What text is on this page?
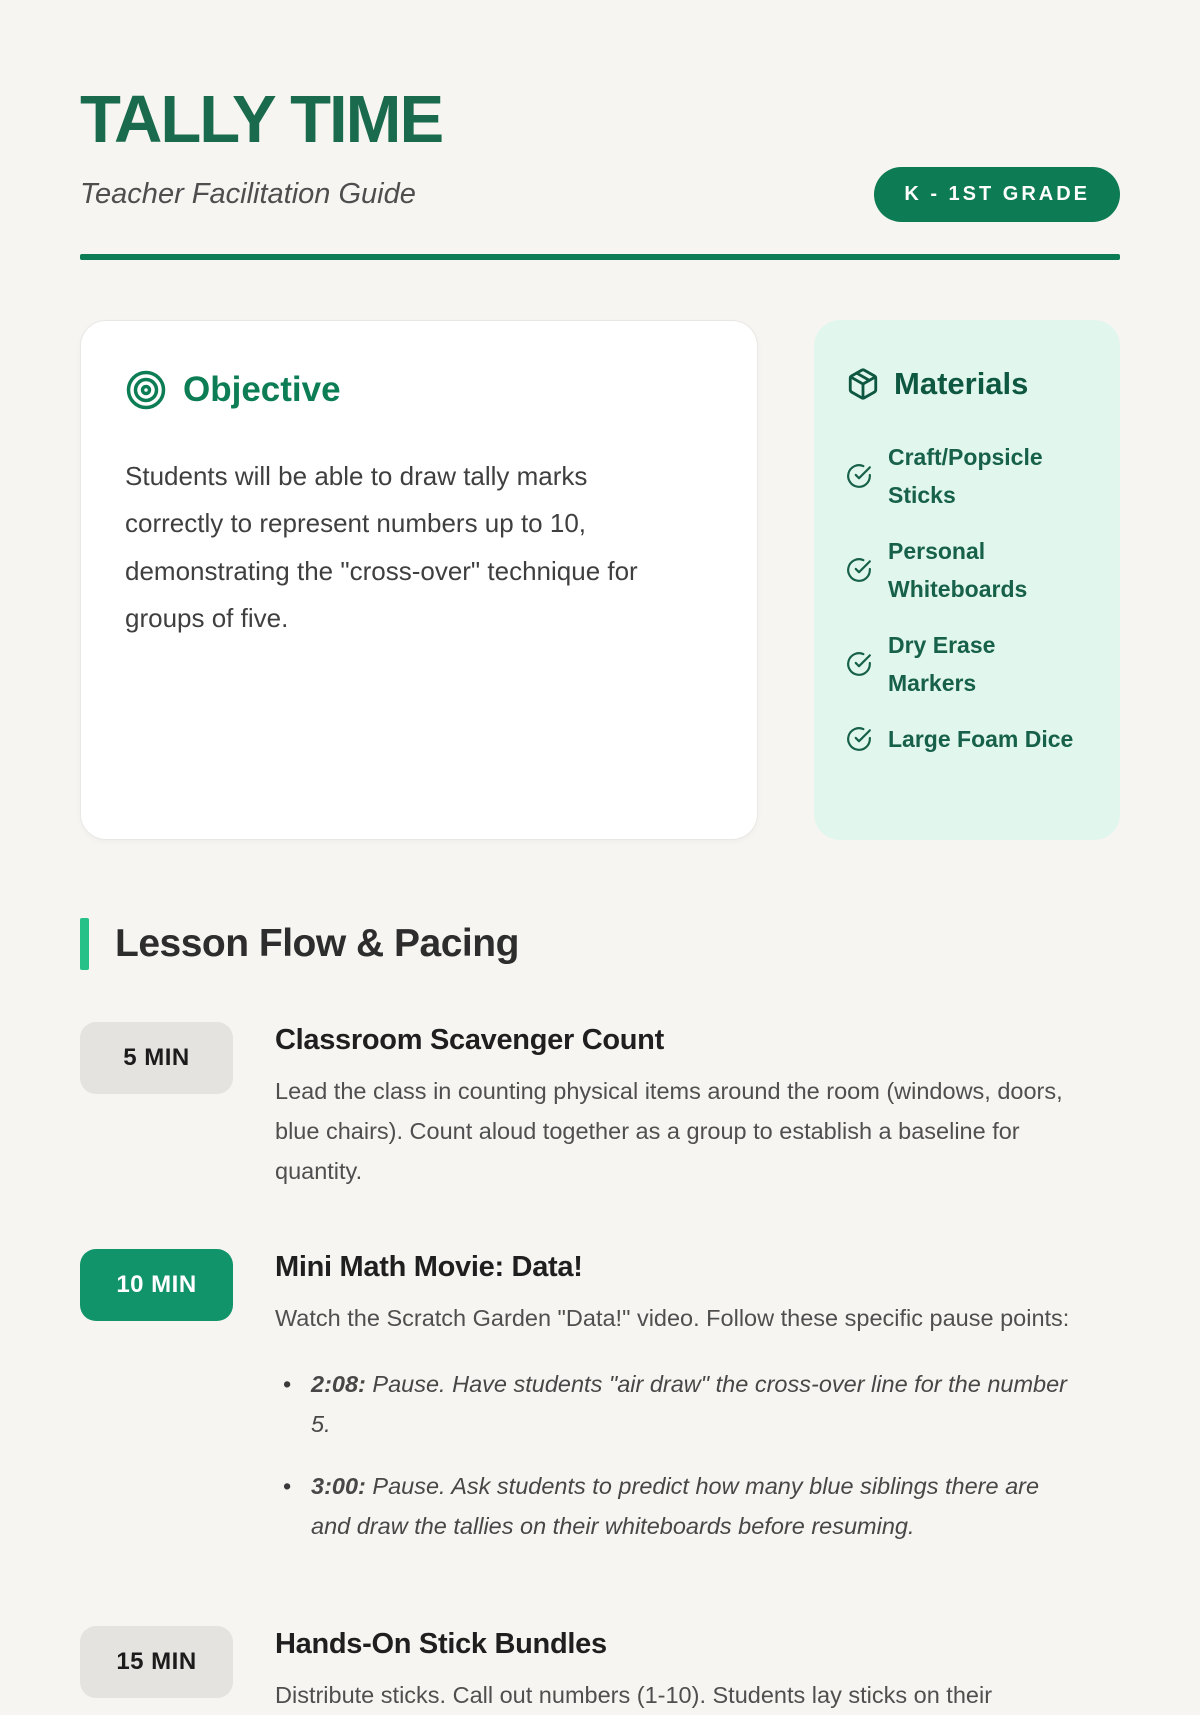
TALLY TIME
Teacher Facilitation Guide	K - 1ST GRADE
Objective

Students will be able to draw tally marks correctly to represent numbers up to 10, demonstrating the "cross-over" technique for groups of five.

Materials
Craft/Popsicle Sticks
Personal Whiteboards
Dry Erase Markers
Large Foam Dice
Lesson Flow & Pacing
5 MIN
Classroom Scavenger Count

Lead the class in counting physical items around the room (windows, doors, blue chairs). Count aloud together as a group to establish a baseline for quantity.

10 MIN
Mini Math Movie: Data!

Watch the Scratch Garden "Data!" video. Follow these specific pause points:

• 2:08: Pause. Have students "air draw" the cross-over line for the number 5.
• 3:00: Pause. Ask students to predict how many blue siblings there are and draw the tallies on their whiteboards before resuming.
15 MIN
Hands-On Stick Bundles

Distribute sticks. Call out numbers (1-10). Students lay sticks on their
